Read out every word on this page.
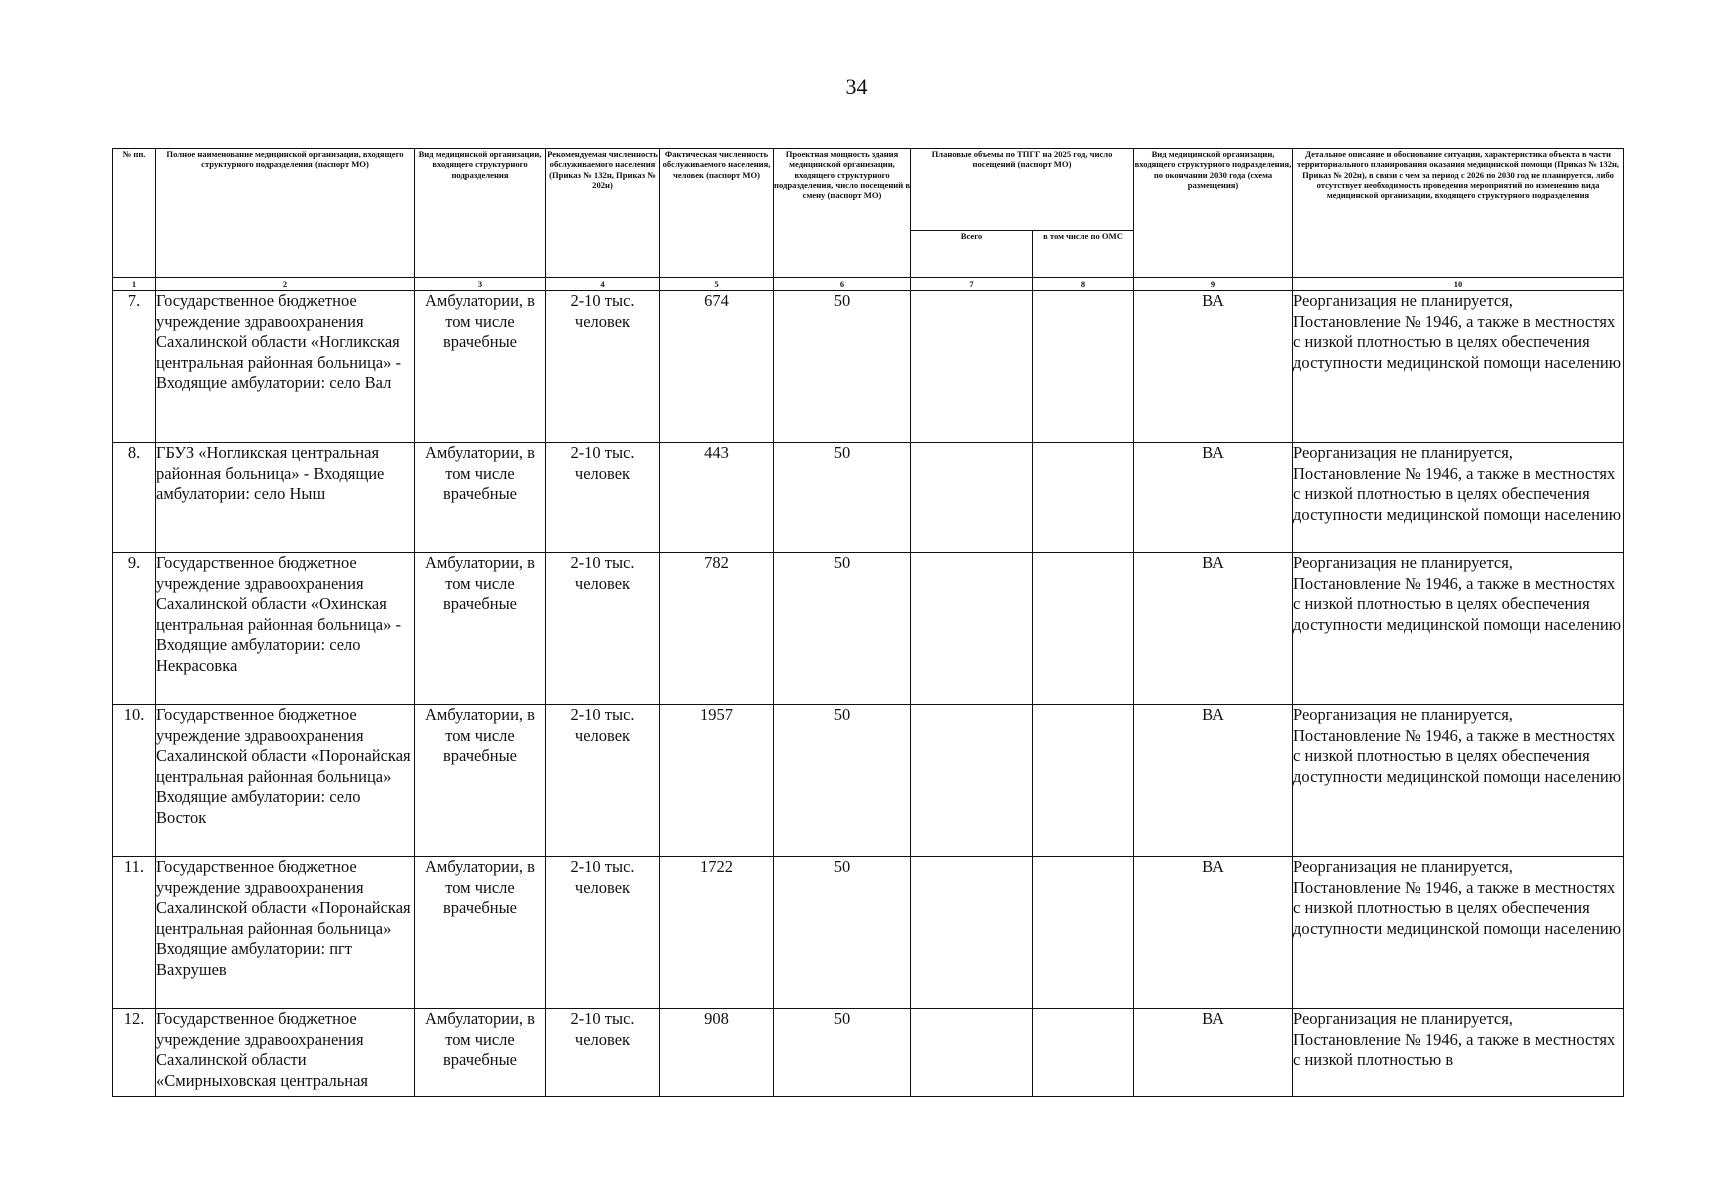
34
№ пп.	Полное наименование медицинской организации, входящего структурного подразделения (паспорт МО)	Вид медицинской организации, входящего структурного подразделения	Рекомендуемая численность обслуживаемого населения (Приказ № 132н, Приказ № 202н)	Фактическая численность обслуживаемого населения, человек (паспорт МО)	Проектная мощность здания медицинской организации, входящего структурного подразделения, число посещений в смену (паспорт МО)	Плановые объемы по ТПГГ на 2025 год, число посещений (паспорт МО)		Вид медицинской организации, входящего структурного подразделения, по окончании 2030 года (схема размещения)	Детальное описание и обоснование ситуации, характеристика объекта в части территориального планирования оказания медицинской помощи (Приказ № 132н, Приказ № 202н), в связи с чем за период с 2026 по 2030 год не планируется, либо отсутствует необходимость проведения мероприятий по изменению вида медицинской организации, входящего структурного подразделения
						Всего	в том числе по ОМС		
1	2	3	4	5	6	7	8	9	10
7.	Государственное бюджетное учреждение здравоохранения Сахалинской области «Ногликская центральная районная больница» - Входящие амбулатории: село Вал	Амбулатории, в том числе врачебные	2-10 тыс. человек	674	50			ВА	Реорганизация не планируется, Постановление № 1946, а также в местностях с низкой плотностью в целях обеспечения доступности медицинской помощи населению
8.	ГБУЗ «Ногликская центральная районная больница» - Входящие амбулатории: село Ныш	Амбулатории, в том числе врачебные	2-10 тыс. человек	443	50			ВА	Реорганизация не планируется, Постановление № 1946, а также в местностях с низкой плотностью в целях обеспечения доступности медицинской помощи населению
9.	Государственное бюджетное учреждение здравоохранения Сахалинской области «Охинская центральная районная больница» - Входящие амбулатории: село Некрасовка	Амбулатории, в том числе врачебные	2-10 тыс. человек	782	50			ВА	Реорганизация не планируется, Постановление № 1946, а также в местностях с низкой плотностью в целях обеспечения доступности медицинской помощи населению
10.	Государственное бюджетное учреждение здравоохранения Сахалинской области «Поронайская центральная районная больница» Входящие амбулатории: село Восток	Амбулатории, в том числе врачебные	2-10 тыс. человек	1957	50			ВА	Реорганизация не планируется, Постановление № 1946, а также в местностях с низкой плотностью в целях обеспечения доступности медицинской помощи населению
11.	Государственное бюджетное учреждение здравоохранения Сахалинской области «Поронайская центральная районная больница» Входящие амбулатории: пгт Вахрушев	Амбулатории, в том числе врачебные	2-10 тыс. человек	1722	50			ВА	Реорганизация не планируется, Постановление № 1946, а также в местностях с низкой плотностью в целях обеспечения доступности медицинской помощи населению
12.	Государственное бюджетное учреждение здравоохранения Сахалинской области «Смирныховская центральная	Амбулатории, в том числе врачебные	2-10 тыс. человек	908	50			ВА	Реорганизация не планируется, Постановление № 1946, а также в местностях с низкой плотностью в
